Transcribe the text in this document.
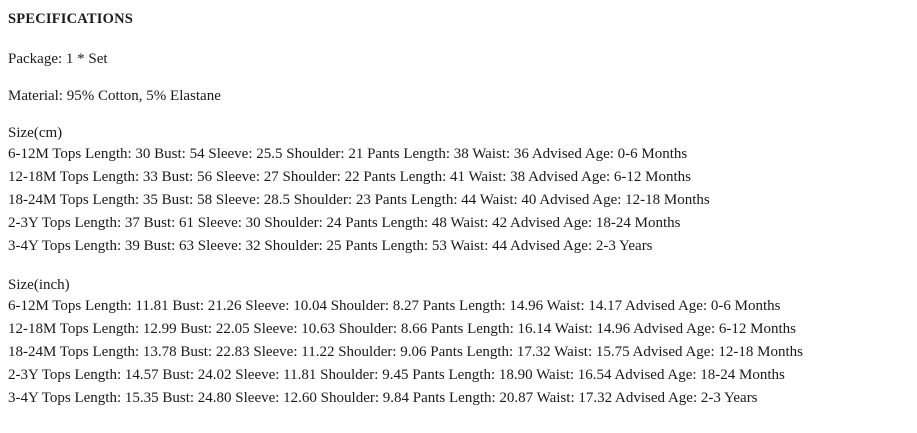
SPECIFICATIONS
Package: 1 * Set
Material: 95% Cotton, 5% Elastane
Size(cm)
6-12M Tops Length: 30 Bust: 54 Sleeve: 25.5 Shoulder: 21 Pants Length: 38 Waist: 36 Advised Age: 0-6 Months
12-18M Tops Length: 33 Bust: 56 Sleeve: 27 Shoulder: 22 Pants Length: 41 Waist: 38 Advised Age: 6-12 Months
18-24M Tops Length: 35 Bust: 58 Sleeve: 28.5 Shoulder: 23 Pants Length: 44 Waist: 40 Advised Age: 12-18 Months
2-3Y Tops Length: 37 Bust: 61 Sleeve: 30 Shoulder: 24 Pants Length: 48 Waist: 42 Advised Age: 18-24 Months
3-4Y Tops Length: 39 Bust: 63 Sleeve: 32 Shoulder: 25 Pants Length: 53 Waist: 44 Advised Age: 2-3 Years
Size(inch)
6-12M Tops Length: 11.81 Bust: 21.26 Sleeve: 10.04 Shoulder: 8.27 Pants Length: 14.96 Waist: 14.17 Advised Age: 0-6 Months
12-18M Tops Length: 12.99 Bust: 22.05 Sleeve: 10.63 Shoulder: 8.66 Pants Length: 16.14 Waist: 14.96 Advised Age: 6-12 Months
18-24M Tops Length: 13.78 Bust: 22.83 Sleeve: 11.22 Shoulder: 9.06 Pants Length: 17.32 Waist: 15.75 Advised Age: 12-18 Months
2-3Y Tops Length: 14.57 Bust: 24.02 Sleeve: 11.81 Shoulder: 9.45 Pants Length: 18.90 Waist: 16.54 Advised Age: 18-24 Months
3-4Y Tops Length: 15.35 Bust: 24.80 Sleeve: 12.60 Shoulder: 9.84 Pants Length: 20.87 Waist: 17.32 Advised Age: 2-3 Years
